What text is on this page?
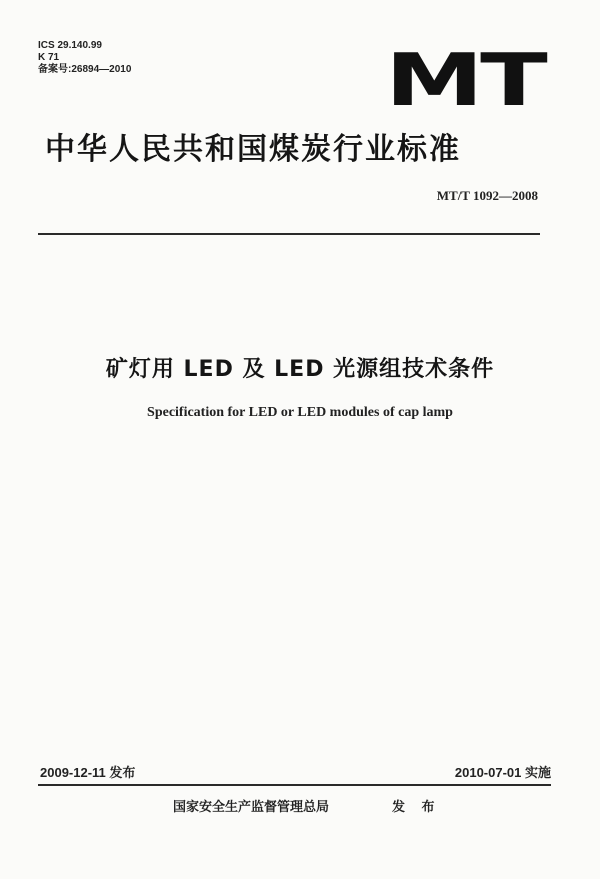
ICS 29.140.99
K 71
备案号:26894—2010	MT
中华人民共和国煤炭行业标准
MT/T 1092—2008
矿灯用 LED 及 LED 光源组技术条件
Specification for LED or LED modules of cap lamp
2009-12-11 发布	2010-07-01 实施
国家安全生产监督管理总局	发 布
